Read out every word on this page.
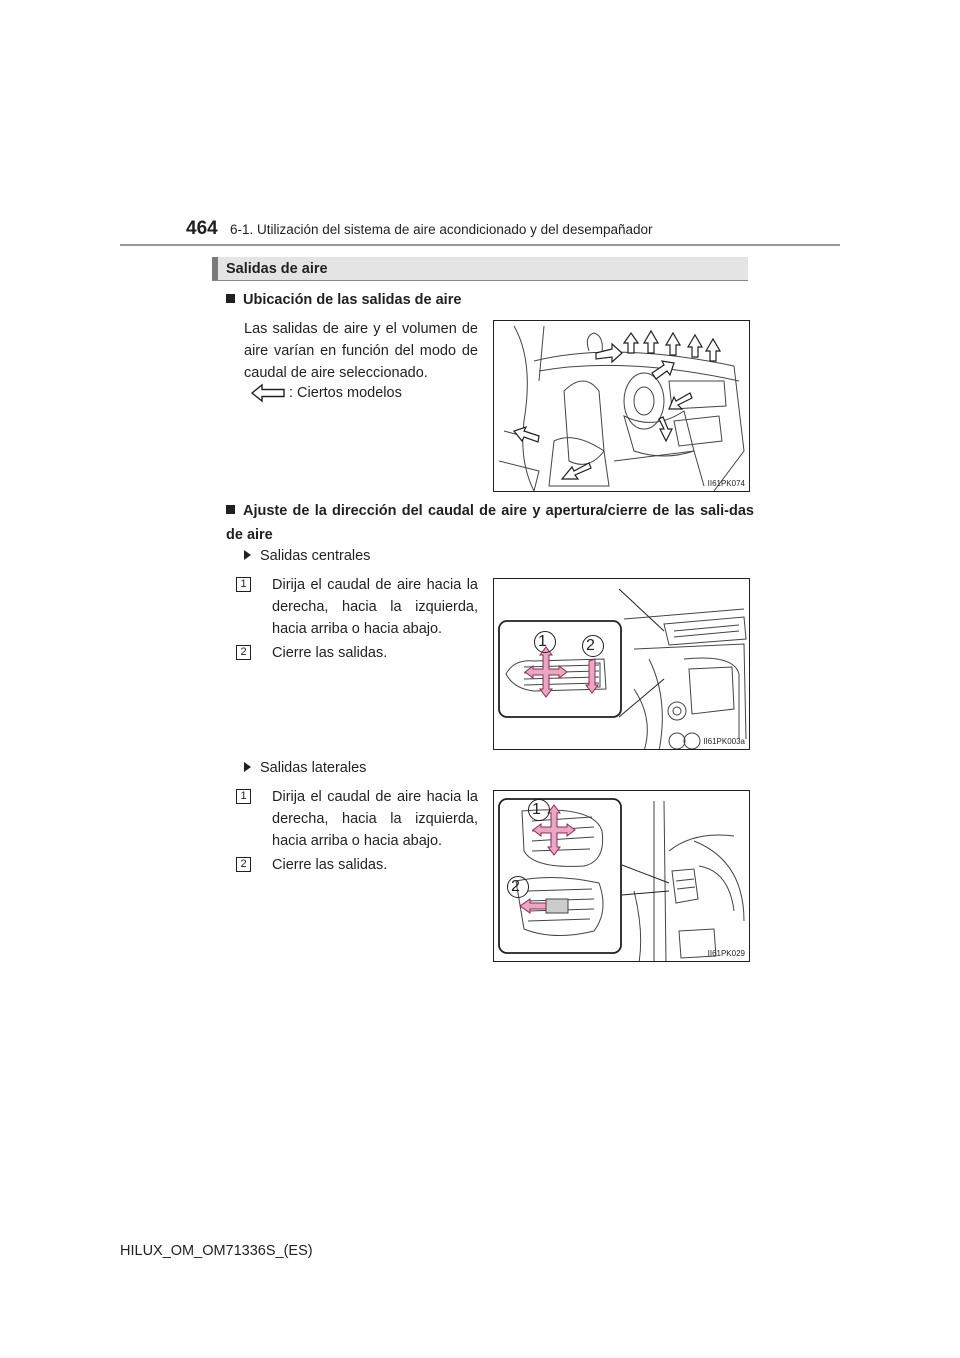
464 6-1. Utilización del sistema de aire acondicionado y del desempañador
Salidas de aire
Ubicación de las salidas de aire
Las salidas de aire y el volumen de aire varían en función del modo de caudal de aire seleccionado.
: Ciertos modelos
II61PK074
Ajuste de la dirección del caudal de aire y apertura/cierre de las sali-das de aire
Salidas centrales
1	Dirija el caudal de aire hacia la derecha, hacia la izquierda, hacia arriba o hacia abajo.
2	Cierre las salidas.
1 2
II61PK003a
Salidas laterales
1	Dirija el caudal de aire hacia la derecha, hacia la izquierda, hacia arriba o hacia abajo.
2	Cierre las salidas.
1
2
II61PK029
HILUX_OM_OM71336S_(ES)
